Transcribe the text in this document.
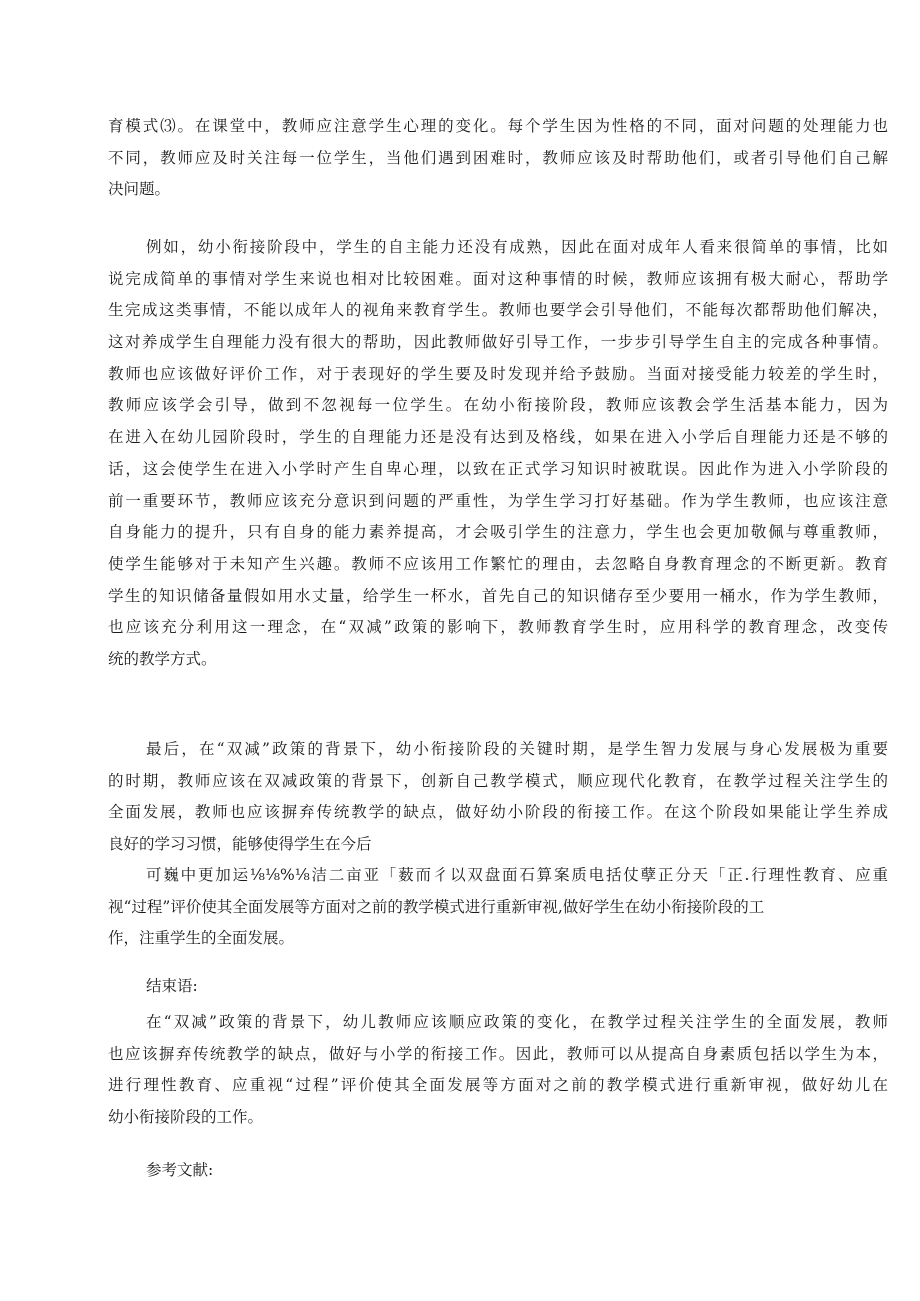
育模式⑶。在课堂中，教师应注意学生心理的变化。每个学生因为性格的不同，面对问题的处理能力也
不同，教师应及时关注每一位学生，当他们遇到困难时，教师应该及时帮助他们，或者引导他们自己解
决问题。
例如，幼小衔接阶段中，学生的自主能力还没有成熟，因此在面对成年人看来很简单的事情，比如
说完成简单的事情对学生来说也相对比较困难。面对这种事情的时候，教师应该拥有极大耐心，帮助学
生完成这类事情，不能以成年人的视角来教育学生。教师也要学会引导他们，不能每次都帮助他们解决，
这对养成学生自理能力没有很大的帮助，因此教师做好引导工作，一步步引导学生自主的完成各种事情。
教师也应该做好评价工作，对于表现好的学生要及时发现并给予鼓励。当面对接受能力较差的学生时，
教师应该学会引导，做到不忽视每一位学生。在幼小衔接阶段，教师应该教会学生活基本能力，因为
在进入在幼儿园阶段时，学生的自理能力还是没有达到及格线，如果在进入小学后自理能力还是不够的
话，这会使学生在进入小学时产生自卑心理，以致在正式学习知识时被耽误。因此作为进入小学阶段的
前一重要环节，教师应该充分意识到问题的严重性，为学生学习打好基础。作为学生教师，也应该注意
自身能力的提升，只有自身的能力素养提高，才会吸引学生的注意力，学生也会更加敬佩与尊重教师，
使学生能够对于未知产生兴趣。教师不应该用工作繁忙的理由，去忽略自身教育理念的不断更新。教育
学生的知识储备量假如用水丈量，给学生一杯水，首先自己的知识储存至少要用一桶水，作为学生教师，
也应该充分利用这一理念，在“双减”政策的影响下，教师教育学生时，应用科学的教育理念，改变传
统的教学方式。
最后，在“双减”政策的背景下，幼小衔接阶段的关键时期，是学生智力发展与身心发展极为重要
的时期，教师应该在双减政策的背景下，创新自己教学模式，顺应现代化教育，在教学过程关注学生的
全面发展，教师也应该摒弃传统教学的缺点，做好幼小阶段的衔接工作。在这个阶段如果能让学生养成
良好的学习习惯，能够使得学生在今后
可巍中更加运⅛⅛%⅛洁二亩亚「薮而彳以双盘面石算案质电括仗孽正分天「正.行理性教育、应重
视“过程”评价使其全面发展等方面对之前的教学模式进行重新审视,做好学生在幼小衔接阶段的工
作，注重学生的全面发展。
结束语:
在“双减”政策的背景下，幼儿教师应该顺应政策的变化，在教学过程关注学生的全面发展，教师
也应该摒弃传统教学的缺点，做好与小学的衔接工作。因此，教师可以从提高自身素质包括以学生为本，
进行理性教育、应重视“过程”评价使其全面发展等方面对之前的教学模式进行重新审视，做好幼儿在
幼小衔接阶段的工作。
参考文献:
